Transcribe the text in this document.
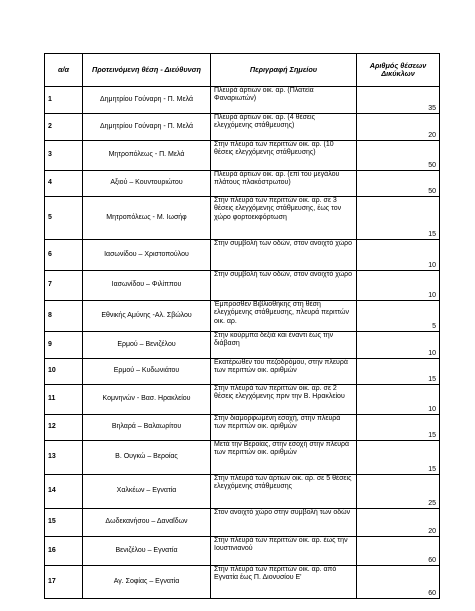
α/α	Προτεινόμενη θέση - Διεύθυνση	Περιγραφή Σημείου	Αριθμός θέσεων Δικύκλων
1	Δημητρίου Γούναρη - Π. Μελά	Πλευρά άρτιων οικ. αρ. (Πλατεία Φαναριωτών)	35
2	Δημητρίου Γούναρη - Π. Μελά	Πλευρά άρτιων οικ. αρ. (4 θέσεις ελεγχόμενης στάθμευσης)	20
3	Μητροπόλεως - Π. Μελά	Στην πλευρά των περιττών οικ. αρ. (10 θέσεις ελεγχόμενης στάθμευσης)	50
4	Αξιού – Κουντουριώτου	Πλευρά άρτιων οικ. αρ. (επί του μεγάλου πλάτους πλακόστρωτου)	50
5	Μητροπόλεως - Μ. Ιωσήφ	Στην πλευρά των περιττών οικ. αρ. σε 3 θέσεις ελεγχόμενης στάθμευσης, έως τον χώρο φορτοεκφόρτωση	15
6	Ιασωνίδου – Χριστοπούλου	Στην συμβολή των οδών, στον ανοιχτό χώρο	10
7	Ιασωνίδου – Φιλίππου	Στην συμβολή των οδών, στον ανοιχτό χώρο	10
8	Εθνικής Αμύνης -Αλ. Σβώλου	Έμπροσθεν Βιβλιοθήκης στη θέση ελεγχόμενης στάθμευσης, πλευρά περιττών οικ. αρ.	5
9	Ερμού – Βενιζέλου	Στην κούρμπα δεξιά και έναντι έως την διάβαση	10
10	Ερμού – Κυδωνιάτου	Εκατέρωθεν του πεζοδρόμου, στην πλευρά των περιττών οικ. αριθμών	15
11	Κομνηνών - Βασ. Ηρακλείου	Στην πλευρά των περιττών οικ. αρ. σε 2 θέσεις ελεγχόμενης πριν την Β. Ηρακλείου	10
12	Βηλαρά – Βαλαωρίτου	Στην διαμορφωμένη εσοχή, στην πλευρά των περιττών οικ. αριθμών	15
13	Β. Ουγκώ – Βεροίας	Μετά την Βεροίας, στην εσοχή στην πλευρά των περιττών οικ. αριθμών	15
14	Χαλκέων – Εγνατία	Στην πλευρά των άρτιων οικ. αρ. σε 5 θέσεις ελεγχόμενης στάθμευσης	25
15	Δωδεκανήσου – Δαναΐδων	Στον ανοιχτό χώρο στην συμβολή των οδών	20
16	Βενιζέλου – Εγνατία	Στην πλευρά των περιττών οικ. αρ. έως την Ιουστινιανού	60
17	Αγ. Σοφίας – Εγνατία	Στην πλευρά των περιττών οικ. αρ. από Εγνατία έως Π. Διονυσίου Ε'	60
